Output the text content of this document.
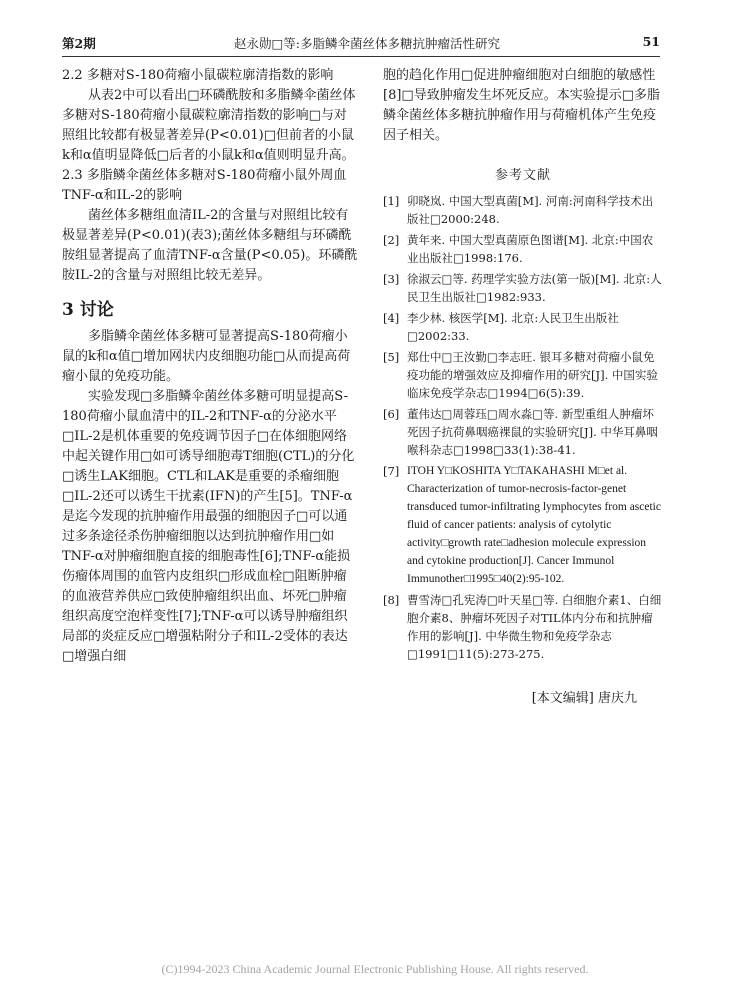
第2期	赵永勋□等:多脂鳞伞菌丝体多糖抗肿瘤活性研究	51

2.2 多糖对S-180荷瘤小鼠碳粒廓清指数的影响

从表2中可以看出□环磷酰胺和多脂鳞伞菌丝体多糖对S-180荷瘤小鼠碳粒廓清指数的影响□与对照组比较都有极显著差异(P<0.01)□但前者的小鼠k和α值明显降低□后者的小鼠k和α值则明显升高。

2.3 多脂鳞伞菌丝体多糖对S-180荷瘤小鼠外周血TNF-α和IL-2的影响

菌丝体多糖组血清IL-2的含量与对照组比较有极显著差异(P<0.01)(表3);菌丝体多糖组与环磷酰胺组显著提高了血清TNF-α含量(P<0.05)。环磷酰胺IL-2的含量与对照组比较无差异。

3 讨论

多脂鳞伞菌丝体多糖可显著提高S-180荷瘤小鼠的k和α值□增加网状内皮细胞功能□从而提高荷瘤小鼠的免疫功能。

实验发现□多脂鳞伞菌丝体多糖可明显提高S-180荷瘤小鼠血清中的IL-2和TNF-α的分泌水平□IL-2是机体重要的免疫调节因子□在体细胞网络中起关键作用□如可诱导细胞毒T细胞(CTL)的分化□诱生LAK细胞。CTL和LAK是重要的杀瘤细胞□IL-2还可以诱生干扰素(IFN)的产生[5]。TNF-α是迄今发现的抗肿瘤作用最强的细胞因子□可以通过多条途径杀伤肿瘤细胞以达到抗肿瘤作用□如TNF-α对肿瘤细胞直接的细胞毒性[6];TNF-α能损伤瘤体周围的血管内皮组织□形成血栓□阻断肿瘤的血液营养供应□致使肿瘤组织出血、坏死□肿瘤组织高度空泡样变性[7];TNF-α可以诱导肿瘤组织局部的炎症反应□增强粘附分子和IL-2受体的表达□增强白细

胞的趋化作用□促进肿瘤细胞对白细胞的敏感性[8]□导致肿瘤发生坏死反应。本实验提示□多脂鳞伞菌丝体多糖抗肿瘤作用与荷瘤机体产生免疫因子相关。

参考文献

[1] 卯晓岚. 中国大型真菌[M]. 河南:河南科学技术出版社□2000:248.
[2] 黄年来. 中国大型真菌原色图谱[M]. 北京:中国农业出版社□1998:176.
[3] 徐淑云□等. 药理学实验方法(第一版)[M]. 北京:人民卫生出版社□1982:933.
[4] 李少林. 核医学[M]. 北京:人民卫生出版社□2002:33.
[5] 郑仕中□王汝勤□李志旺. 银耳多糖对荷瘤小鼠免疫功能的增强效应及抑瘤作用的研究[J]. 中国实验临床免疫学杂志□1994□6(5):39.
[6] 董伟达□周蓉珏□周水淼□等. 新型重组人肿瘤坏死因子抗荷鼻咽癌裸鼠的实验研究[J]. 中华耳鼻咽喉科杂志□1998□33(1):38-41.
[7] ITOH Y□KOSHITA Y□TAKAHASHI M□et al. Characterization of tumor-necrosis-factor-genet transduced tumor-infiltrating lymphocytes from ascetic fluid of cancer patients: analysis of cytolytic activity□growth rate□adhesion molecule expression and cytokine production[J]. Cancer Immunol Immunother□1995□40(2):95-102.
[8] 曹雪涛□孔宪涛□叶天星□等. 白细胞介素1、白细胞介素8、肿瘤坏死因子对TIL体内分布和抗肿瘤作用的影响[J]. 中华微生物和免疫学杂志□1991□11(5):273-275.

[本文编辑] 唐庆九

(C)1994-2023 China Academic Journal Electronic Publishing House. All rights reserved.
